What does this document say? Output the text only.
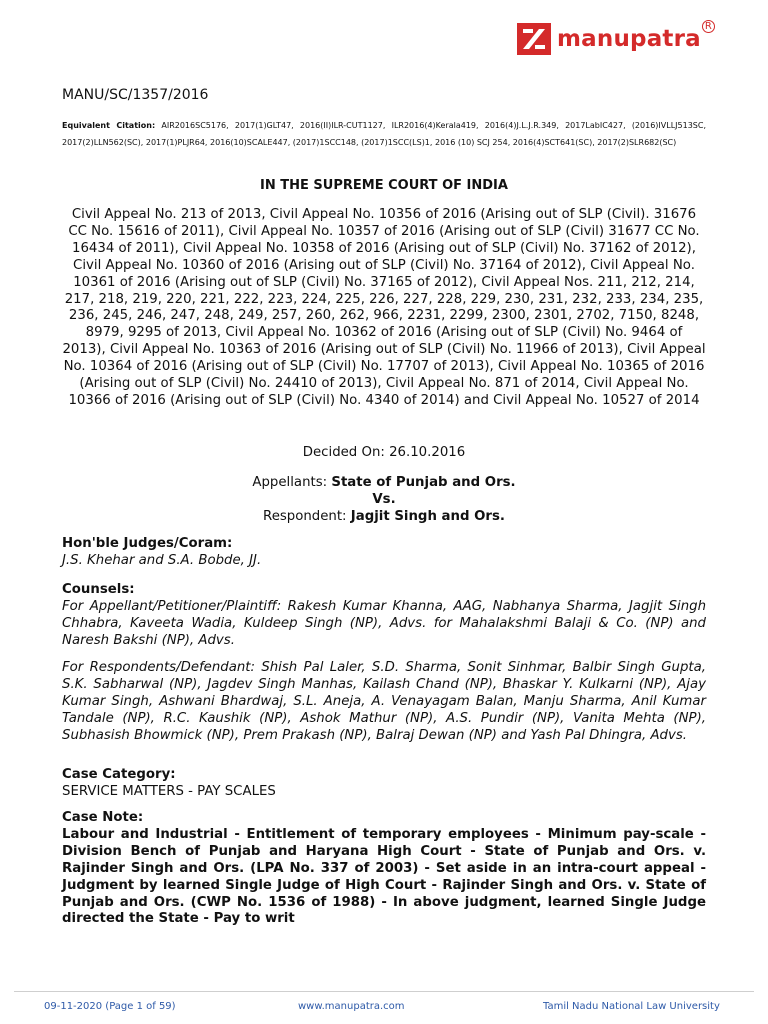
manupatra R
MANU/SC/1357/2016
Equivalent Citation: AIR2016SC5176, 2017(1)GLT47, 2016(II)ILR-CUT1127, ILR2016(4)Kerala419, 2016(4)J.L.J.R.349, 2017LabIC427, (2016)IVLLJ513SC, 2017(2)LLN562(SC), 2017(1)PLJR64, 2016(10)SCALE447, (2017)1SCC148, (2017)1SCC(LS)1, 2016 (10) SCJ 254, 2016(4)SCT641(SC), 2017(2)SLR682(SC)
IN THE SUPREME COURT OF INDIA
Civil Appeal No. 213 of 2013, Civil Appeal No. 10356 of 2016 (Arising out of SLP (Civil). 31676 CC No. 15616 of 2011), Civil Appeal No. 10357 of 2016 (Arising out of SLP (Civil) 31677 CC No. 16434 of 2011), Civil Appeal No. 10358 of 2016 (Arising out of SLP (Civil) No. 37162 of 2012), Civil Appeal No. 10360 of 2016 (Arising out of SLP (Civil) No. 37164 of 2012), Civil Appeal No. 10361 of 2016 (Arising out of SLP (Civil) No. 37165 of 2012), Civil Appeal Nos. 211, 212, 214, 217, 218, 219, 220, 221, 222, 223, 224, 225, 226, 227, 228, 229, 230, 231, 232, 233, 234, 235, 236, 245, 246, 247, 248, 249, 257, 260, 262, 966, 2231, 2299, 2300, 2301, 2702, 7150, 8248, 8979, 9295 of 2013, Civil Appeal No. 10362 of 2016 (Arising out of SLP (Civil) No. 9464 of 2013), Civil Appeal No. 10363 of 2016 (Arising out of SLP (Civil) No. 11966 of 2013), Civil Appeal No. 10364 of 2016 (Arising out of SLP (Civil) No. 17707 of 2013), Civil Appeal No. 10365 of 2016 (Arising out of SLP (Civil) No. 24410 of 2013), Civil Appeal No. 871 of 2014, Civil Appeal No. 10366 of 2016 (Arising out of SLP (Civil) No. 4340 of 2014) and Civil Appeal No. 10527 of 2014
Decided On: 26.10.2016
Appellants: State of Punjab and Ors.
Vs.
Respondent: Jagjit Singh and Ors.
Hon'ble Judges/Coram:
J.S. Khehar and S.A. Bobde, JJ.
Counsels:
For Appellant/Petitioner/Plaintiff: Rakesh Kumar Khanna, AAG, Nabhanya Sharma, Jagjit Singh Chhabra, Kaveeta Wadia, Kuldeep Singh (NP), Advs. for Mahalakshmi Balaji & Co. (NP) and Naresh Bakshi (NP), Advs.
For Respondents/Defendant: Shish Pal Laler, S.D. Sharma, Sonit Sinhmar, Balbir Singh Gupta, S.K. Sabharwal (NP), Jagdev Singh Manhas, Kailash Chand (NP), Bhaskar Y. Kulkarni (NP), Ajay Kumar Singh, Ashwani Bhardwaj, S.L. Aneja, A. Venayagam Balan, Manju Sharma, Anil Kumar Tandale (NP), R.C. Kaushik (NP), Ashok Mathur (NP), A.S. Pundir (NP), Vanita Mehta (NP), Subhasish Bhowmick (NP), Prem Prakash (NP), Balraj Dewan (NP) and Yash Pal Dhingra, Advs.
Case Category:
SERVICE MATTERS - PAY SCALES
Case Note:
Labour and Industrial - Entitlement of temporary employees - Minimum pay-scale - Division Bench of Punjab and Haryana High Court - State of Punjab and Ors. v. Rajinder Singh and Ors. (LPA No. 337 of 2003) - Set aside in an intra-court appeal - Judgment by learned Single Judge of High Court - Rajinder Singh and Ors. v. State of Punjab and Ors. (CWP No. 1536 of 1988) - In above judgment, learned Single Judge directed the State - Pay to writ
09-11-2020 (Page 1 of 59)	www.manupatra.com	Tamil Nadu National Law University
